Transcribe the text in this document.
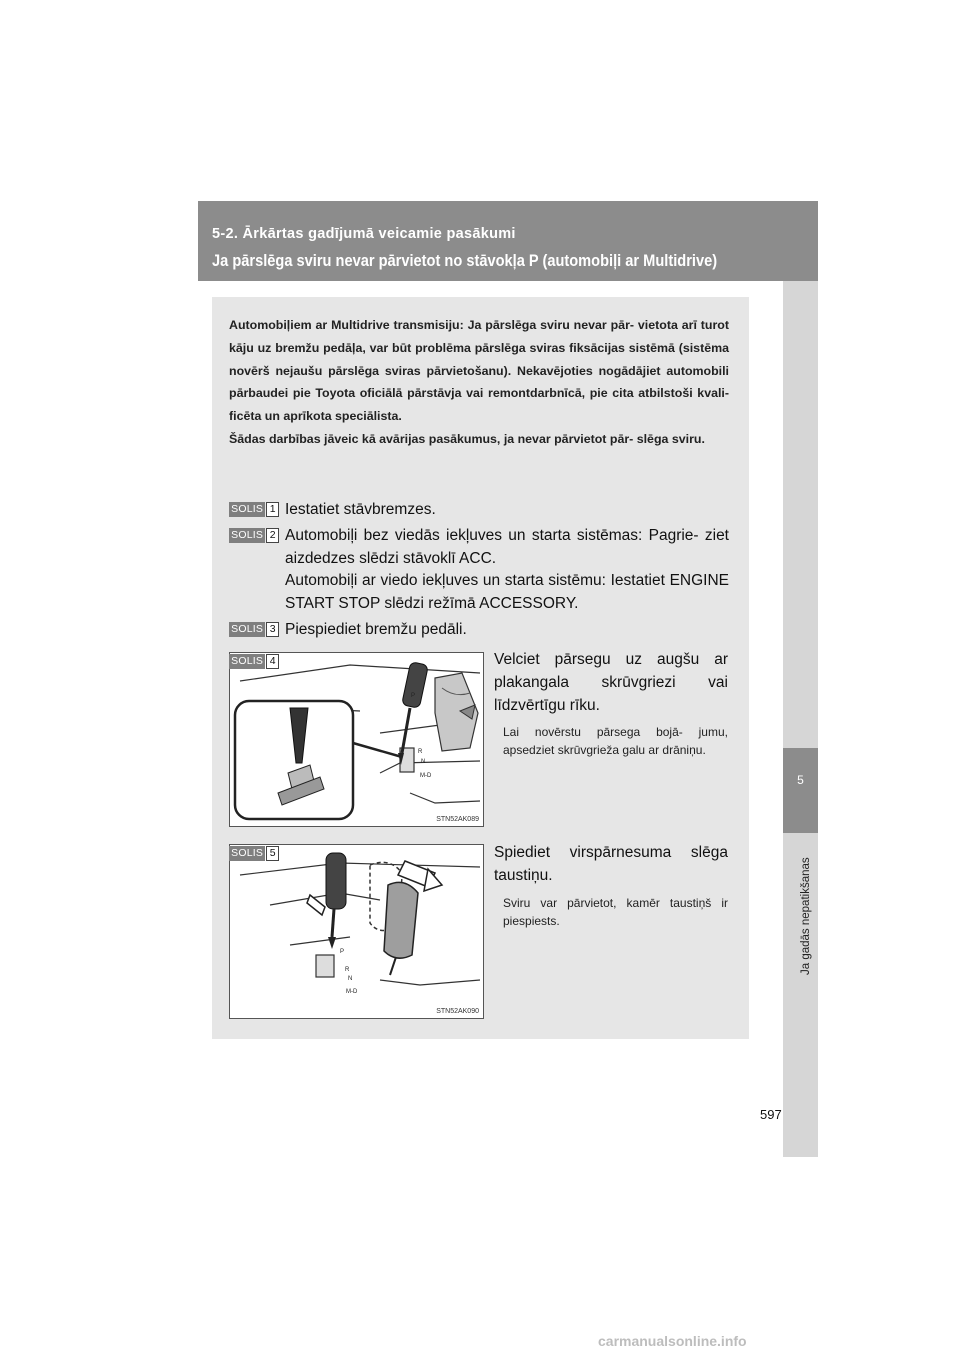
5-2. Ārkārtas gadījumā veicamie pasākumi
Ja pārslēga sviru nevar pārvietot no stāvokļa P (automobiļi ar Multidrive)
5
Ja gadās nepatikšanas

Automobiļiem ar Multidrive transmisiju: Ja pārslēga sviru nevar pār- vietota arī turot kāju uz bremžu pedāļa, var būt problēma pārslēga sviras fiksācijas sistēmā (sistēma novērš nejaušu pārslēga sviras pārvietošanu). Nekavējoties nogādājiet automobili pārbaudei pie Toyota oficiālā pārstāvja vai remontdarbnīcā, pie cita atbilstoši kvali- ficēta un aprīkota speciālista.

Šādas darbības jāveic kā avārijas pasākumus, ja nevar pārvietot pār- slēga sviru.

SOLIS 1 Iestatiet stāvbremzes.
SOLIS 2 Automobiļi bez viedās iekļuves un starta sistēmas: Pagrie- ziet aizdedzes slēdzi stāvoklī ACC.

Automobiļi ar viedo iekļuves un starta sistēmu: Iestatiet ENGINE START STOP slēdzi režīmā ACCESSORY.

SOLIS 3 Piespiediet bremžu pedāli.
SOLIS 4
P
R
N
M-D
STN52AK089
Velciet pārsegu uz augšu ar plakangala skrūvgriezi vai līdzvērtīgu rīku.
Lai novērstu pārsega bojā- jumu, apsedziet skrūvgrieža galu ar drāniņu.
SOLIS 5
P
R
N
M-D
STN52AK090
Spiediet virspārnesuma slēga taustiņu.
Sviru var pārvietot, kamēr taustiņš ir piespiests.
597
carmanualsonline.info
